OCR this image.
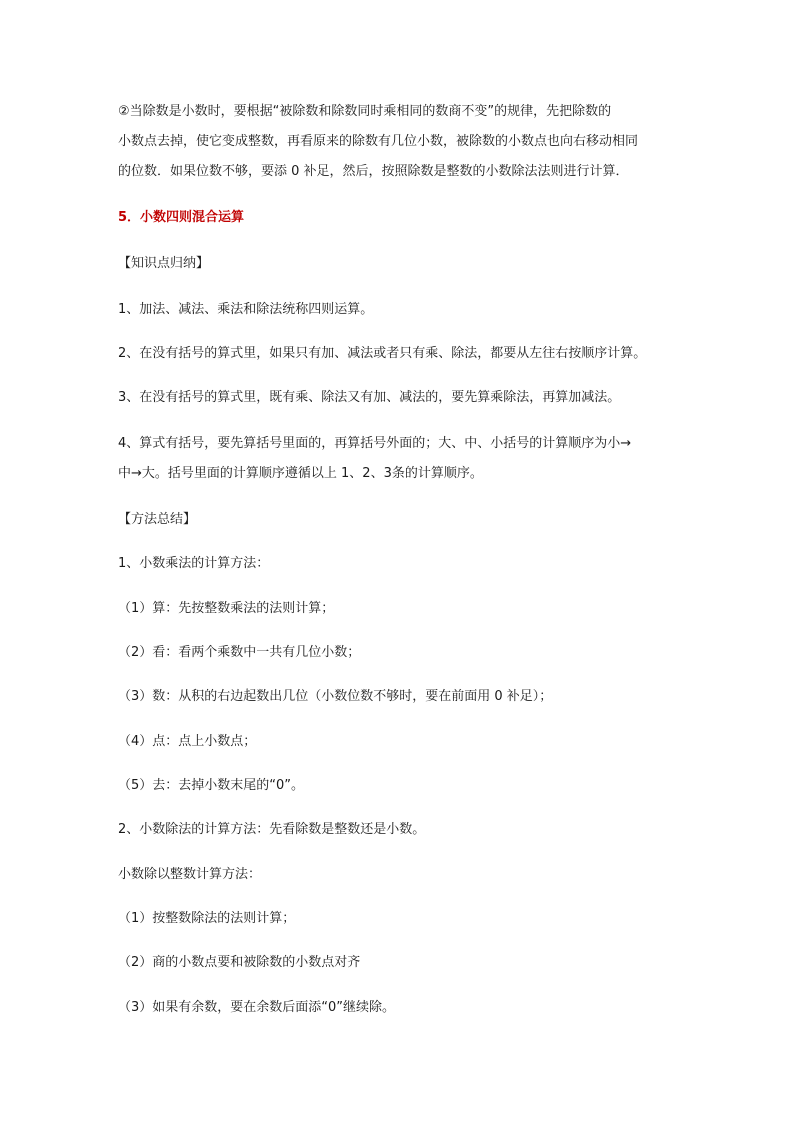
②当除数是小数时，要根据“被除数和除数同时乘相同的数商不变”的规律，先把除数的
小数点去掉，使它变成整数，再看原来的除数有几位小数，被除数的小数点也向右移动相同
的位数．如果位数不够，要添 0 补足，然后，按照除数是整数的小数除法法则进行计算．
5．小数四则混合运算
【知识点归纳】
1、加法、减法、乘法和除法统称四则运算。
2、在没有括号的算式里，如果只有加、减法或者只有乘、除法，都要从左往右按顺序计算。
3、在没有括号的算式里，既有乘、除法又有加、减法的，要先算乘除法，再算加减法。
4、算式有括号，要先算括号里面的，再算括号外面的；大、中、小括号的计算顺序为小→
中→大。括号里面的计算顺序遵循以上 1、2、3条的计算顺序。
【方法总结】
1、小数乘法的计算方法：
（1）算：先按整数乘法的法则计算；
（2）看：看两个乘数中一共有几位小数；
（3）数：从积的右边起数出几位（小数位数不够时，要在前面用 0 补足）；
（4）点：点上小数点；
（5）去：去掉小数末尾的“0”。
2、小数除法的计算方法：先看除数是整数还是小数。
小数除以整数计算方法：
（1）按整数除法的法则计算；
（2）商的小数点要和被除数的小数点对齐
（3）如果有余数，要在余数后面添“0”继续除。
